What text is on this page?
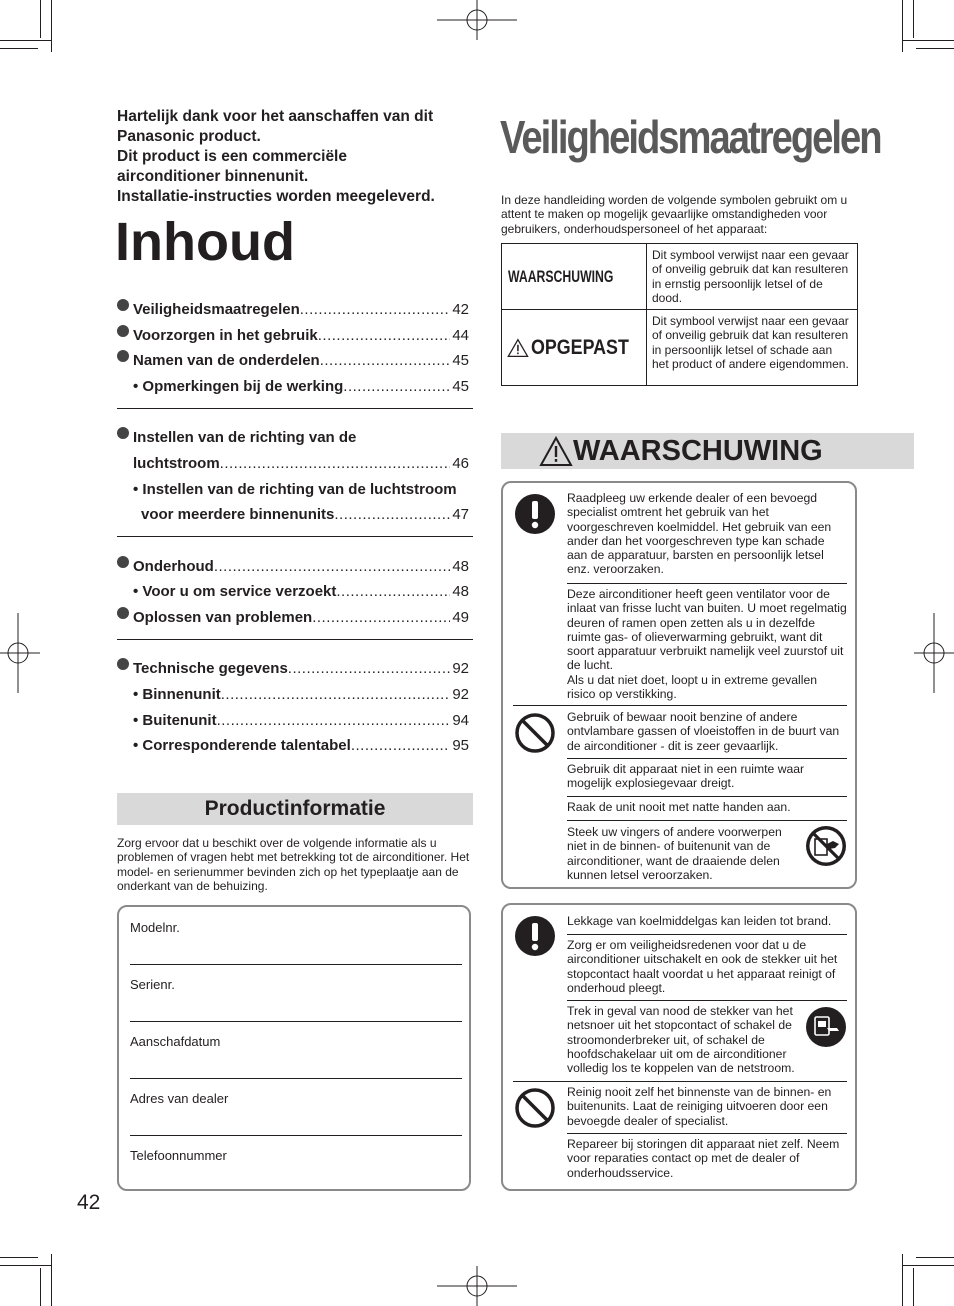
Hartelijk dank voor het aanschaffen van dit
Panasonic product.
Dit product is een commerciële
airconditioner binnenunit.
Installatie-instructies worden meegeleverd.
Inhoud
Veiligheidsmaatregelen .....	42
Voorzorgen in het gebruik .....	44
Namen van de onderdelen .....	45
• Opmerkingen bij de werking .....	45
Instellen van de richting van de
luchtstroom .....	46
• Instellen van de richting van de luchtstroom
voor meerdere binnenunits .....	47
Onderhoud .....	48
• Voor u om service verzoekt .....	48
Oplossen van problemen .....	49
Technische gegevens .....	92
• Binnenunit .....	92
• Buitenunit .....	94
• Corresponderende talentabel .....	95
Productinformatie
Zorg ervoor dat u beschikt over de volgende informatie als u problemen of vragen hebt met betrekking tot de airconditioner. Het model- en serienummer bevinden zich op het typeplaatje aan de onderkant van de behuizing.
Modelnr.
Serienr.
Aanschafdatum
Adres van dealer
Telefoonnummer
42
Veiligheidsmaatregelen
In deze handleiding worden de volgende symbolen gebruikt om u attent te maken op mogelijk gevaarlijke omstandigheden voor gebruikers, onderhoudspersoneel of het apparaat:
WAARSCHUWING
Dit symbool verwijst naar een gevaar of onveilig gebruik dat kan resulteren in ernstig persoonlijk letsel of de dood.
OPGEPAST
Dit symbool verwijst naar een gevaar of onveilig gebruik dat kan resulteren in persoonlijk letsel of schade aan het product of andere eigendommen.
WAARSCHUWING
Raadpleeg uw erkende dealer of een bevoegd specialist omtrent het gebruik van het voorgeschreven koelmiddel. Het gebruik van een ander dan het voorgeschreven type kan schade aan de apparatuur, barsten en persoonlijk letsel enz. veroorzaken.
Deze airconditioner heeft geen ventilator voor de inlaat van frisse lucht van buiten. U moet regelmatig deuren of ramen open zetten als u in dezelfde ruimte gas- of olieverwarming gebruikt, want dit soort apparatuur verbruikt namelijk veel zuurstof uit de lucht.
Als u dat niet doet, loopt u in extreme gevallen risico op verstikking.
Gebruik of bewaar nooit benzine of andere ontvlambare gassen of vloeistoffen in de buurt van de airconditioner - dit is zeer gevaarlijk.
Gebruik dit apparaat niet in een ruimte waar mogelijk explosiegevaar dreigt.
Raak de unit nooit met natte handen aan.
Steek uw vingers of andere voorwerpen niet in de binnen- of buitenunit van de airconditioner, want de draaiende delen kunnen letsel veroorzaken.
Lekkage van koelmiddelgas kan leiden tot brand.
Zorg er om veiligheidsredenen voor dat u de airconditioner uitschakelt en ook de stekker uit het stopcontact haalt voordat u het apparaat reinigt of onderhoud pleegt.
Trek in geval van nood de stekker van het netsnoer uit het stopcontact of schakel de stroomonderbreker uit, of schakel de hoofdschakelaar uit om de airconditioner volledig los te koppelen van de netstroom.
Reinig nooit zelf het binnenste van de binnen- en buitenunits. Laat de reiniging uitvoeren door een bevoegde dealer of specialist.
Repareer bij storingen dit apparaat niet zelf. Neem voor reparaties contact op met de dealer of onderhoudsservice.
